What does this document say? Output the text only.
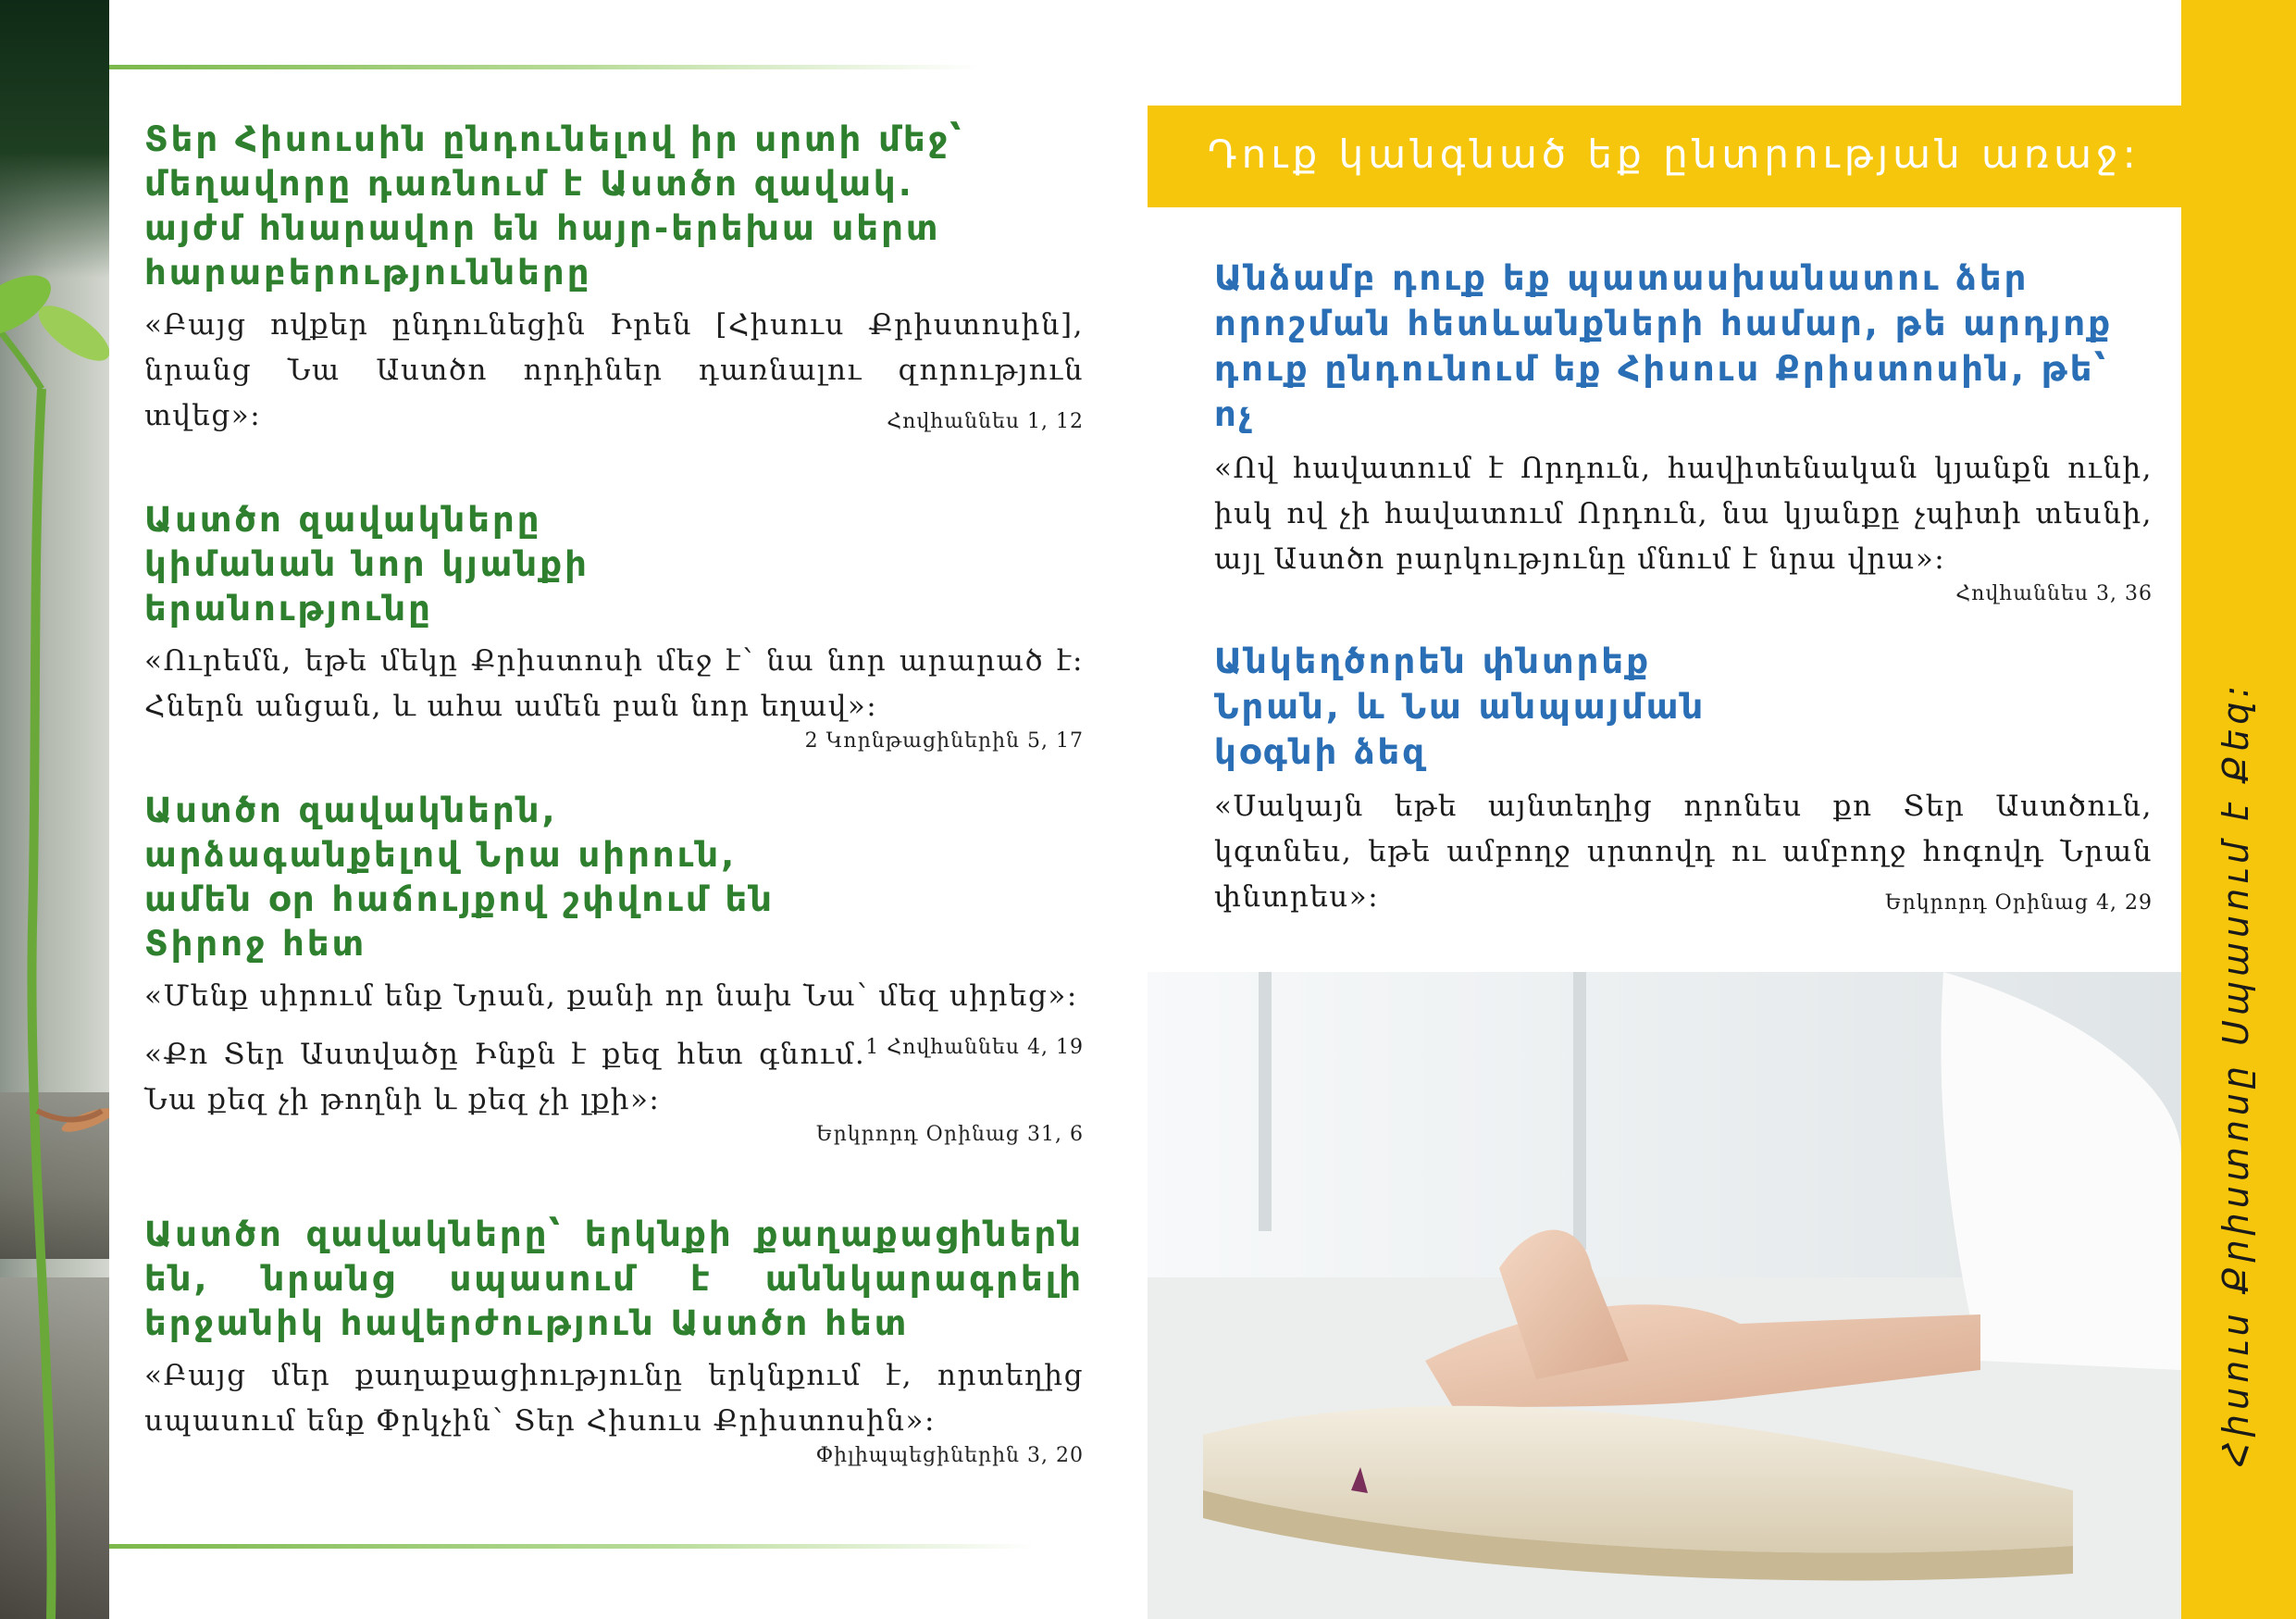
Տեր Հիսուսին ընդունելով իր սրտի մեջ՝ մեղավորը դառնում է Աստծո զավակ. այժմ հնարավոր են հայր-երեխա սերտ հարաբերությունները

«Բայց ովքեր ընդունեցին Իրեն [Հիսուս Քրիստոսին], նրանց Նա Աստծո որդիներ դառնալու զորություն տվեց»:	Հովհաննես 1, 12

Աստծո զավակները կիմանան նոր կյանքի երանությունը

«Ուրեմն, եթե մեկը Քրիստոսի մեջ է՝ նա նոր արարած է: Հներն անցան, և ահա ամեն բան նոր եղավ»:

2 Կորնթացիներին 5, 17
Աստծո զավակներն, արձագանքելով Նրա սիրուն, ամեն օր հաճույքով շփվում են Տիրոջ հետ

«Մենք սիրում ենք Նրան, քանի որ նախ Նա՝ մեզ սիրեց»:
1 Հովհաննես 4, 19

«Քո Տեր Աստվածը Ինքն է քեզ հետ գնում. Նա քեզ չի թողնի և քեզ չի լքի»:

Երկրորդ Օրինաց 31, 6
Աստծո զավակները՝ երկնքի քաղաքացիներն են, նրանց սպասում է աննկարագրելի երջանիկ հավերժություն Աստծո հետ

«Բայց մեր քաղաքացիությունը երկնքում է, որտեղից սպասում ենք Փրկչին՝ Տեր Հիսուս Քրիստոսին»:

Փիլիպպեցիներին 3, 20
Դուք կանգնած եք ընտրության առաջ:
Անձամբ դուք եք պատասխանատու ձեր որոշման հետևանքների համար, թե արդյոք դուք ընդունում եք Հիսուս Քրիստոսին, թե՝ ոչ

«Ով հավատում է Որդուն, հավիտենական կյանքն ունի, իսկ ով չի հավատում Որդուն, նա կյանքը չպիտի տեսնի, այլ Աստծո բարկությունը մնում է նրա վրա»:

Հովհաննես 3, 36
Անկեղծորեն փնտրեք Նրան, և Նա անպայման կօգնի ձեզ

«Սակայն եթե այնտեղից որոնես քո Տեր Աստծուն, կգտնես, եթե ամբողջ սրտովդ ու ամբողջ հոգովդ Նրան փնտրես»:	Երկրորդ Օրինաց 4, 29 Հիսուս Քրիստոսը Սպասում է Քեզ:
